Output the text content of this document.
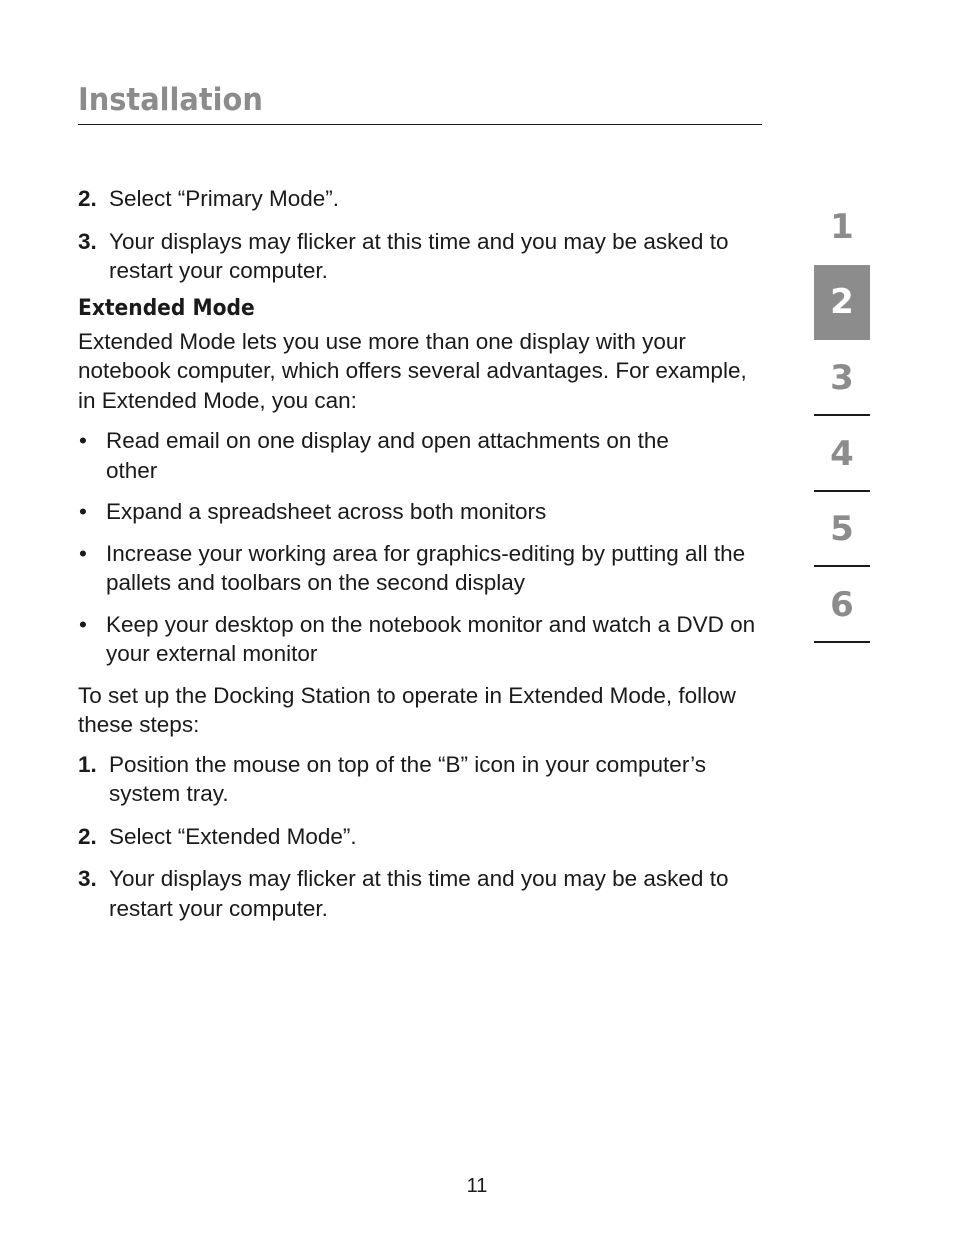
Installation
2. Select “Primary Mode”.
3. Your displays may flicker at this time and you may be asked to restart your computer.
Extended Mode
Extended Mode lets you use more than one display with your notebook computer, which offers several advantages. For example, in Extended Mode, you can:
• Read email on one display and open attachments on the other
• Expand a spreadsheet across both monitors
• Increase your working area for graphics-editing by putting all the pallets and toolbars on the second display
• Keep your desktop on the notebook monitor and watch a DVD on your external monitor
To set up the Docking Station to operate in Extended Mode, follow these steps:
1. Position the mouse on top of the “B” icon in your computer’s system tray.
2. Select “Extended Mode”.
3. Your displays may flicker at this time and you may be asked to restart your computer.
1
2
3
4
5
6
11
